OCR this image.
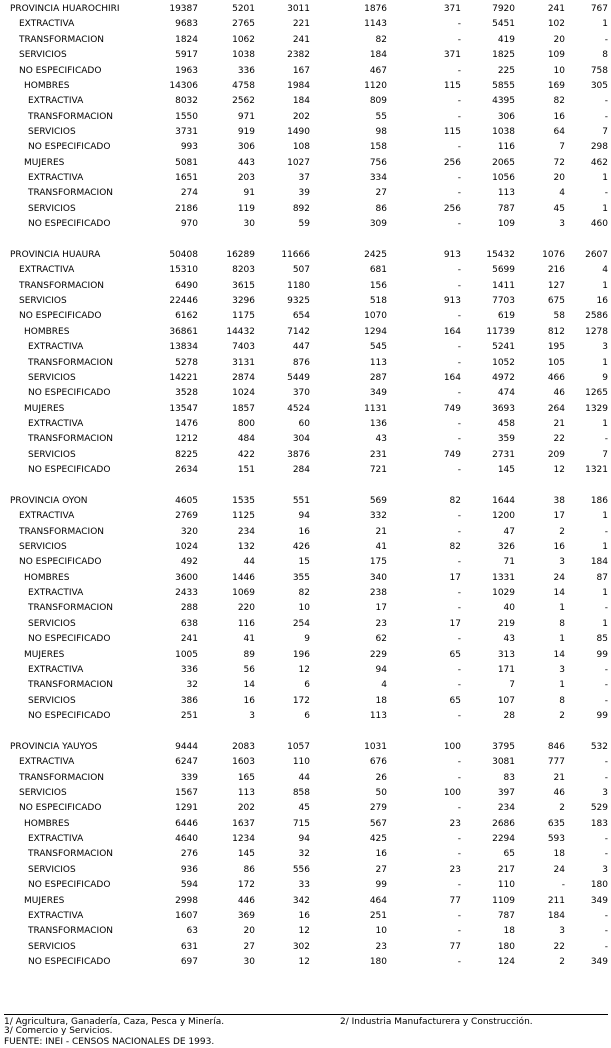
PROVINCIA HUAROCHIRI	19387	5201	3011	1876	371	7920	241	767
EXTRACTIVA	9683	2765	221	1143	-	5451	102	1
TRANSFORMACION	1824	1062	241	82	-	419	20	-
SERVICIOS	5917	1038	2382	184	371	1825	109	8
NO ESPECIFICADO	1963	336	167	467	-	225	10	758
HOMBRES	14306	4758	1984	1120	115	5855	169	305
EXTRACTIVA	8032	2562	184	809	-	4395	82	-
TRANSFORMACION	1550	971	202	55	-	306	16	-
SERVICIOS	3731	919	1490	98	115	1038	64	7
NO ESPECIFICADO	993	306	108	158	-	116	7	298
MUJERES	5081	443	1027	756	256	2065	72	462
EXTRACTIVA	1651	203	37	334	-	1056	20	1
TRANSFORMACION	274	91	39	27	-	113	4	-
SERVICIOS	2186	119	892	86	256	787	45	1
NO ESPECIFICADO	970	30	59	309	-	109	3	460
PROVINCIA HUAURA	50408	16289	11666	2425	913	15432	1076	2607
EXTRACTIVA	15310	8203	507	681	-	5699	216	4
TRANSFORMACION	6490	3615	1180	156	-	1411	127	1
SERVICIOS	22446	3296	9325	518	913	7703	675	16
NO ESPECIFICADO	6162	1175	654	1070	-	619	58	2586
HOMBRES	36861	14432	7142	1294	164	11739	812	1278
EXTRACTIVA	13834	7403	447	545	-	5241	195	3
TRANSFORMACION	5278	3131	876	113	-	1052	105	1
SERVICIOS	14221	2874	5449	287	164	4972	466	9
NO ESPECIFICADO	3528	1024	370	349	-	474	46	1265
MUJERES	13547	1857	4524	1131	749	3693	264	1329
EXTRACTIVA	1476	800	60	136	-	458	21	1
TRANSFORMACION	1212	484	304	43	-	359	22	-
SERVICIOS	8225	422	3876	231	749	2731	209	7
NO ESPECIFICADO	2634	151	284	721	-	145	12	1321
PROVINCIA OYON	4605	1535	551	569	82	1644	38	186
EXTRACTIVA	2769	1125	94	332	-	1200	17	1
TRANSFORMACION	320	234	16	21	-	47	2	-
SERVICIOS	1024	132	426	41	82	326	16	1
NO ESPECIFICADO	492	44	15	175	-	71	3	184
HOMBRES	3600	1446	355	340	17	1331	24	87
EXTRACTIVA	2433	1069	82	238	-	1029	14	1
TRANSFORMACION	288	220	10	17	-	40	1	-
SERVICIOS	638	116	254	23	17	219	8	1
NO ESPECIFICADO	241	41	9	62	-	43	1	85
MUJERES	1005	89	196	229	65	313	14	99
EXTRACTIVA	336	56	12	94	-	171	3	-
TRANSFORMACION	32	14	6	4	-	7	1	-
SERVICIOS	386	16	172	18	65	107	8	-
NO ESPECIFICADO	251	3	6	113	-	28	2	99
PROVINCIA YAUYOS	9444	2083	1057	1031	100	3795	846	532
EXTRACTIVA	6247	1603	110	676	-	3081	777	-
TRANSFORMACION	339	165	44	26	-	83	21	-
SERVICIOS	1567	113	858	50	100	397	46	3
NO ESPECIFICADO	1291	202	45	279	-	234	2	529
HOMBRES	6446	1637	715	567	23	2686	635	183
EXTRACTIVA	4640	1234	94	425	-	2294	593	-
TRANSFORMACION	276	145	32	16	-	65	18	-
SERVICIOS	936	86	556	27	23	217	24	3
NO ESPECIFICADO	594	172	33	99	-	110	-	180
MUJERES	2998	446	342	464	77	1109	211	349
EXTRACTIVA	1607	369	16	251	-	787	184	-
TRANSFORMACION	63	20	12	10	-	18	3	-
SERVICIOS	631	27	302	23	77	180	22	-
NO ESPECIFICADO	697	30	12	180	-	124	2	349
1/ Agricultura, Ganadería, Caza, Pesca y Minería.	2/ Industria Manufacturera y Construcción.
3/ Comercio y Servicios.
FUENTE: INEI - CENSOS NACIONALES DE 1993.
